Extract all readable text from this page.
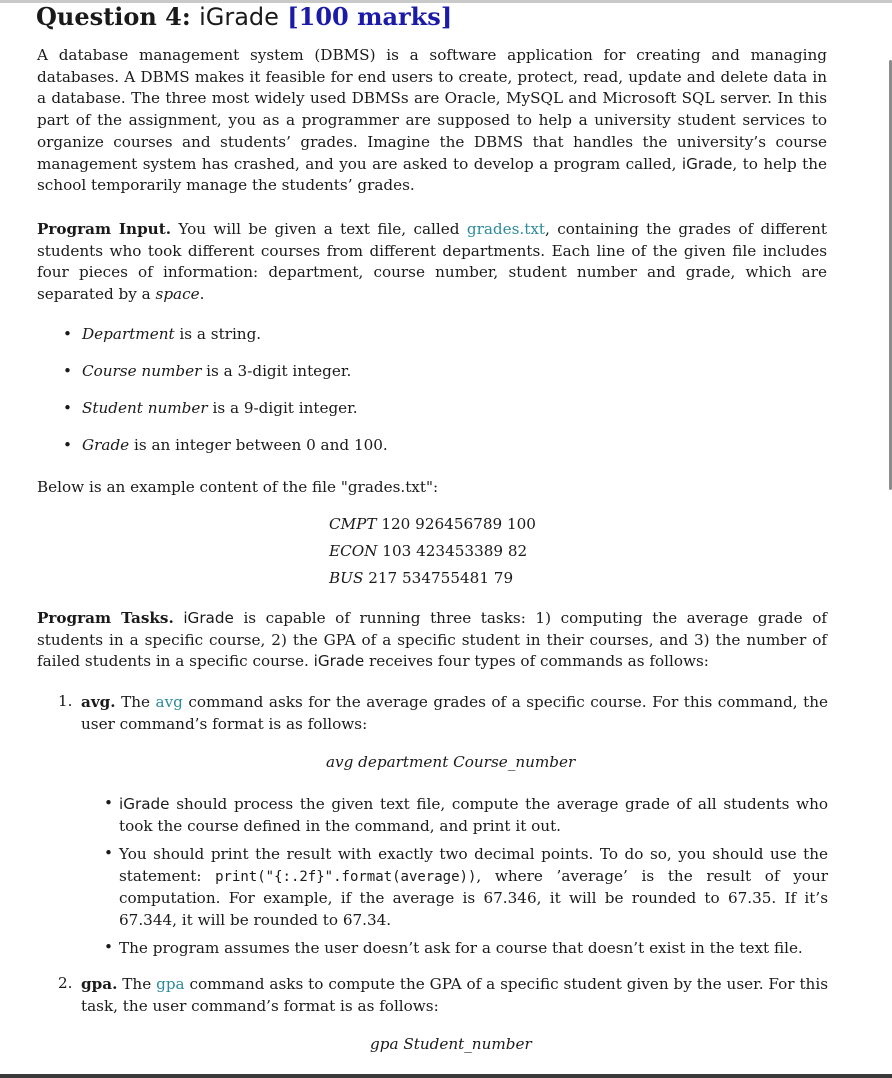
Question 4: iGrade [100 marks]
A database management system (DBMS) is a software application for creating and managing databases. A DBMS makes it feasible for end users to create, protect, read, update and delete data in a database. The three most widely used DBMSs are Oracle, MySQL and Microsoft SQL server. In this part of the assignment, you as a programmer are supposed to help a university student services to organize courses and students’ grades. Imagine the DBMS that handles the university’s course management system has crashed, and you are asked to develop a program called, iGrade, to help the school temporarily manage the students’ grades.
Program Input. You will be given a text file, called grades.txt, containing the grades of different students who took different courses from different departments. Each line of the given file includes four pieces of information: department, course number, student number and grade, which are separated by a space.
• Department is a string.
• Course number is a 3-digit integer.
• Student number is a 9-digit integer.
• Grade is an integer between 0 and 100.
Below is an example content of the file "grades.txt":
CMPT 120 926456789 100
ECON 103 423453389 82
BUS 217 534755481 79
Program Tasks. iGrade is capable of running three tasks: 1) computing the average grade of students in a specific course, 2) the GPA of a specific student in their courses, and 3) the number of failed students in a specific course. iGrade receives four types of commands as follows:
1. avg. The avg command asks for the average grades of a specific course. For this command, the user command’s format is as follows:
avg department Course_number
• iGrade should process the given text file, compute the average grade of all students who took the course defined in the command, and print it out.
• You should print the result with exactly two decimal points. To do so, you should use the statement: print("{:.2f}".format(average)), where ’average’ is the result of your computation. For example, if the average is 67.346, it will be rounded to 67.35. If it’s 67.344, it will be rounded to 67.34.
• The program assumes the user doesn’t ask for a course that doesn’t exist in the text file.
2. gpa. The gpa command asks to compute the GPA of a specific student given by the user. For this task, the user command’s format is as follows:
gpa Student_number
